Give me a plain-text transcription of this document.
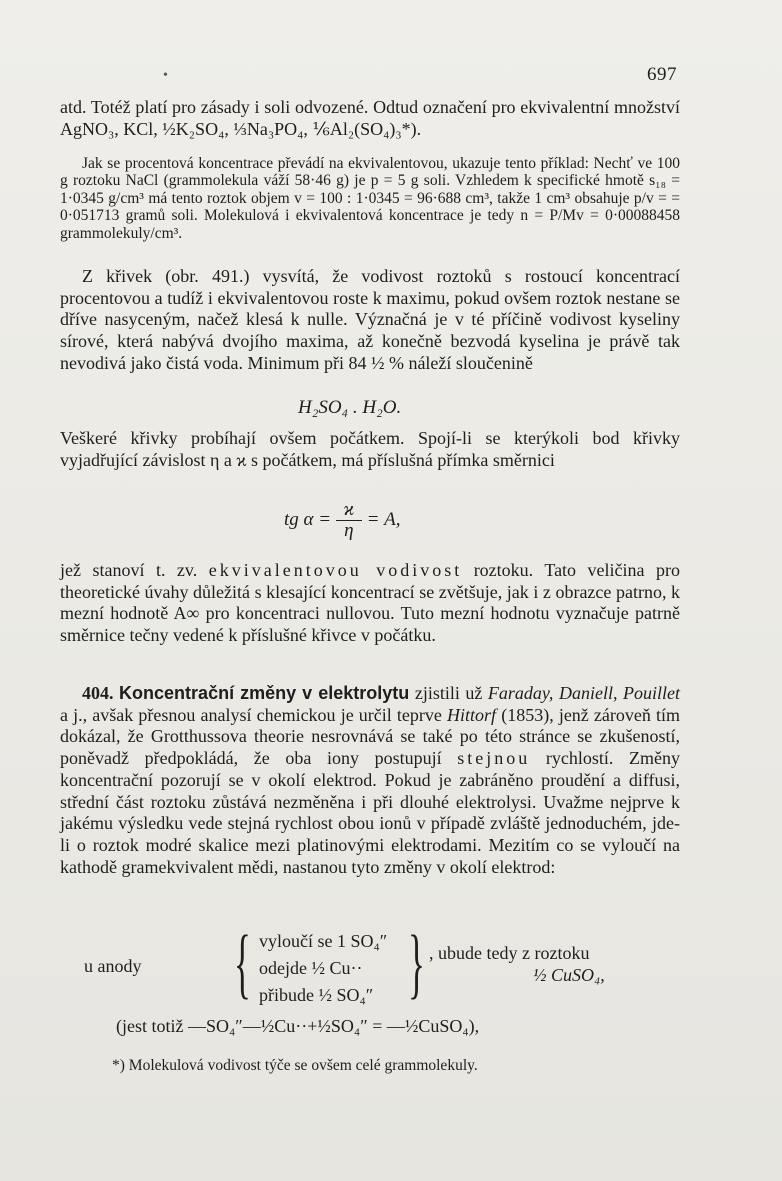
•	697

atd. Totéž platí pro zásady i soli odvozené. Odtud označení pro ekvivalentní množství AgNO₃, KCl, ½K₂SO₄, ⅓Na₃PO₄, ⅙Al₂(SO₄)₃*).

Jak se procentová koncentrace převádí na ekvivalentovou, ukazuje tento příklad: Nechť ve 100 g roztoku NaCl (grammolekula váží 58·46 g) je p = 5 g soli. Vzhledem k specifické hmotě s₁₈ = 1·0345 g/cm³ má tento roztok objem v = 100 : 1·0345 = 96·688 cm³, takže 1 cm³ obsahuje p/v = = 0·051713 gramů soli. Molekulová i ekvivalentová koncentrace je tedy n = P/Mv = 0·00088458 grammolekuly/cm³.

Z křivek (obr. 491.) vysvítá, že vodivost roztoků s rostoucí koncentrací procentovou a tudíž i ekvivalentovou roste k maximu, pokud ovšem roztok nestane se dříve nasyceným, načež klesá k nulle. Význačná je v té příčině vodivost kyseliny sírové, která nabývá dvojího maxima, až konečně bezvodá kyselina je právě tak nevodivá jako čistá voda. Minimum při 84 ½ % náleží sloučenině

H₂SO₄ . H₂O.

Veškeré křivky probíhají ovšem počátkem. Spojí-li se kterýkoli bod křivky vyjadřující závislost η a ϰ s počátkem, má příslušná přímka směrnici

tg $\alpha = \frac{ϰ}{\eta} = A$,

jež stanoví t. zv. ekvivalentovou vodivost roztoku. Tato veličina pro theoretické úvahy důležitá s klesající koncentrací se zvětšuje, jak i z obrazce patrno, k mezní hodnotě A∞ pro koncentraci nullovou. Tuto mezní hodnotu vyznačuje patrně směrnice tečny vedené k příslušné křivce v počátku.

404. Koncentrační změny v elektrolytu zjistili už Faraday, Daniell, Pouillet a j., avšak přesnou analysí chemickou je určil teprve Hittorf (1853), jenž zároveň tím dokázal, že Grotthussova theorie nesrovnává se také po této stránce se zkušeností, poněvadž předpokládá, že oba iony postupují stejnou rychlostí. Změny koncentrační pozorují se v okolí elektrod. Pokud je zabráněno proudění a diffusi, střední část roztoku zůstává nezměněna i při dlouhé elektrolysi. Uvažme nejprve k jakému výsledku vede stejná rychlost obou ionů v případě zvláště jednoduchém, jde-li o roztok modré skalice mezi platinovými elektrodami. Mezitím co se vyloučí na kathodě gramekvivalent mědi, nastanou tyto změny v okolí elektrod:

u anody { vyloučí se 1 SO₄″
odejde ½ Cu··
přibude ½ SO₄″ } , ubude tedy z roztoku
½ CuSO₄,
(jest totiž —SO₄″—½Cu··+½SO₄″ = —½CuSO₄),
*) Molekulová vodivost týče se ovšem celé grammolekuly.
